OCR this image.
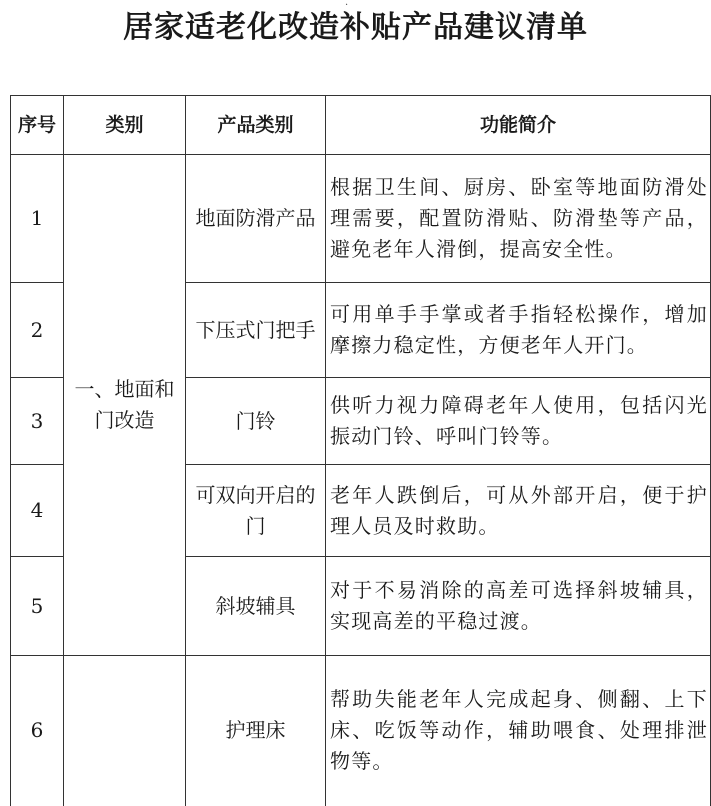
·
居家适老化改造补贴产品建议清单
序号	类别	产品类别	功能简介
1	一、地面和门改造	地面防滑产品	根据卫生间、厨房、卧室等地面防滑处理需要，配置防滑贴、防滑垫等产品，避免老年人滑倒，提高安全性。
2		下压式门把手	可用单手手掌或者手指轻松操作，增加摩擦力稳定性，方便老年人开门。
3		门铃	供听力视力障碍老年人使用，包括闪光振动门铃、呼叫门铃等。
4		可双向开启的门	老年人跌倒后，可从外部开启，便于护理人员及时救助。
5		斜坡辅具	对于不易消除的高差可选择斜坡辅具，实现高差的平稳过渡。
6		护理床	帮助失能老年人完成起身、侧翻、上下床、吃饭等动作，辅助喂食、处理排泄物等。
